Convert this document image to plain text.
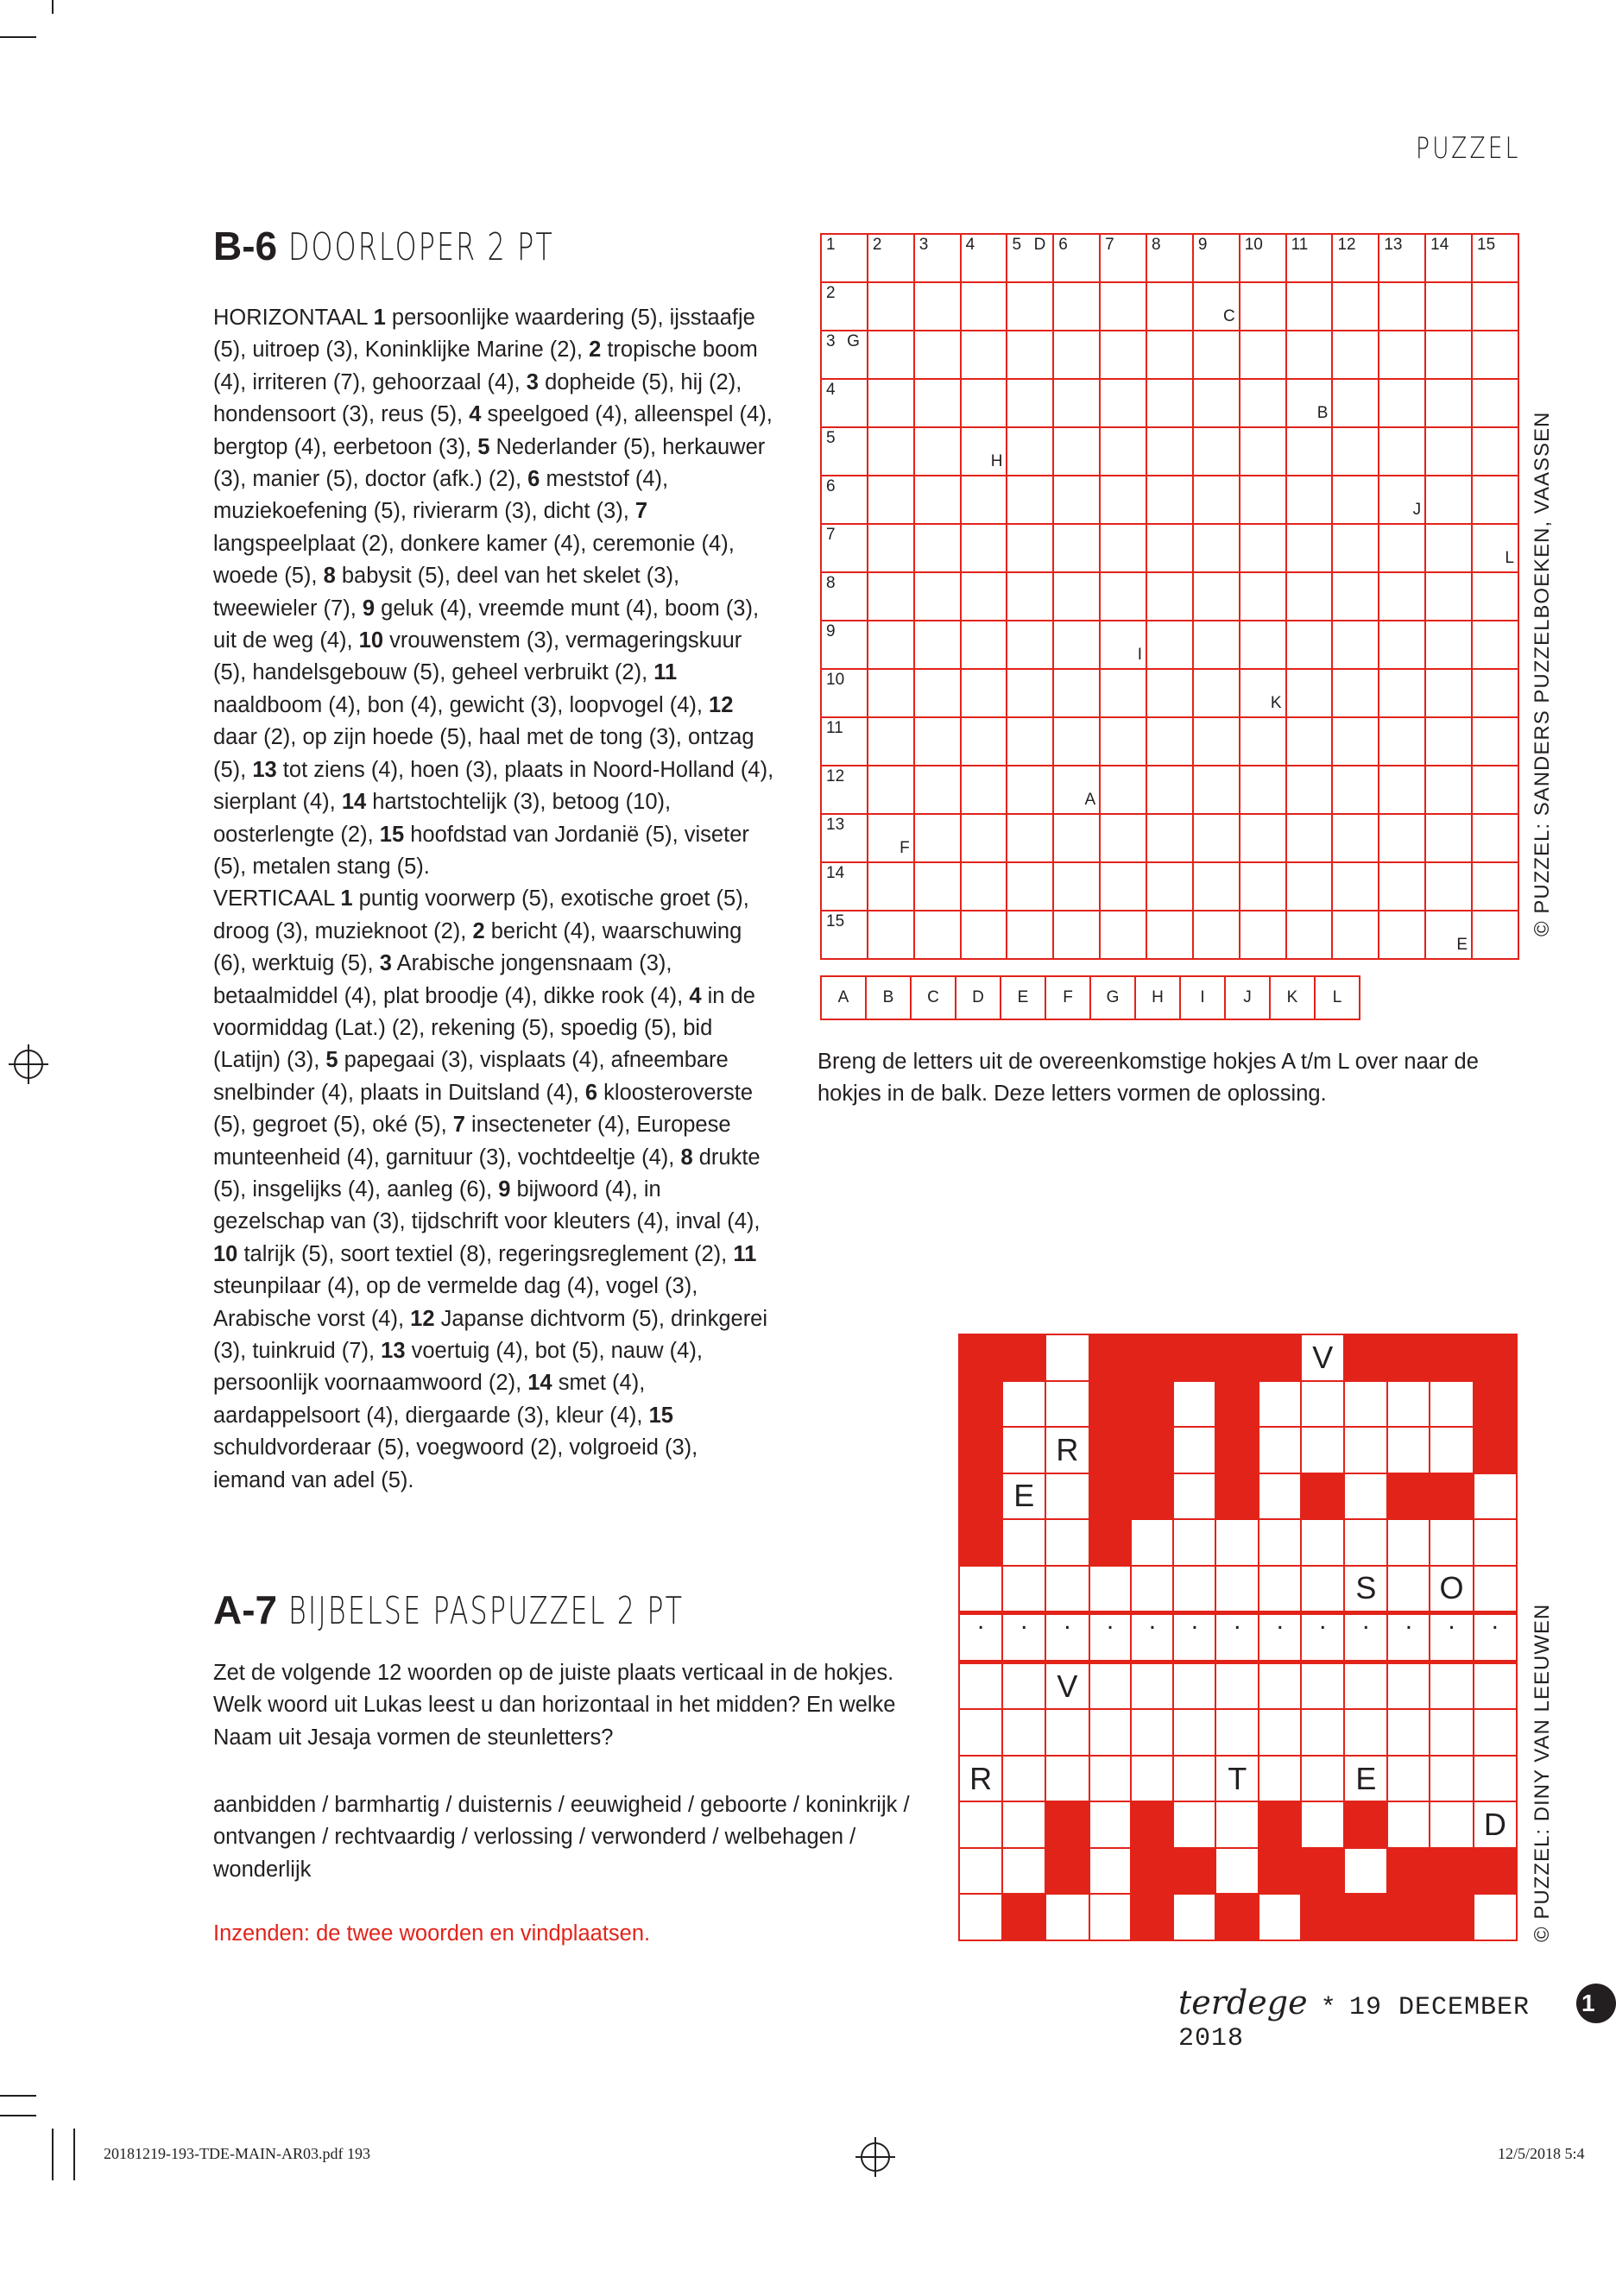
PUZZEL
B-6 DOORLOPER 2 PT
HORIZONTAAL 1 persoonlijke waardering (5), ijsstaafje (5), uitroep (3), Koninklijke Marine (2), 2 tropische boom (4), irriteren (7), gehoorzaal (4), 3 dopheide (5), hij (2), hondensoort (3), reus (5), 4 speelgoed (4), alleenspel (4), bergtop (4), eerbetoon (3), 5 Nederlander (5), herkauwer (3), manier (5), doctor (afk.) (2), 6 meststof (4), muziekoefening (5), rivierarm (3), dicht (3), 7 langspeelplaat (2), donkere kamer (4), ceremonie (4), woede (5), 8 babysit (5), deel van het skelet (3), tweewieler (7), 9 geluk (4), vreemde munt (4), boom (3), uit de weg (4), 10 vrouwenstem (3), vermageringskuur (5), handelsgebouw (5), geheel verbruikt (2), 11 naaldboom (4), bon (4), gewicht (3), loopvogel (4), 12 daar (2), op zijn hoede (5), haal met de tong (3), ontzag (5), 13 tot ziens (4), hoen (3), plaats in Noord-Holland (4), sierplant (4), 14 hartstochtelijk (3), betoog (10), oosterlengte (2), 15 hoofdstad van Jordanië (5), viseter (5), metalen stang (5).
VERTICAAL 1 puntig voorwerp (5), exotische groet (5), droog (3), muzieknoot (2), 2 bericht (4), waarschuwing (6), werktuig (5), 3 Arabische jongensnaam (3), betaalmiddel (4), plat broodje (4), dikke rook (4), 4 in de voormiddag (Lat.) (2), rekening (5), spoedig (5), bid (Latijn) (3), 5 papegaai (3), visplaats (4), afneembare snelbinder (4), plaats in Duitsland (4), 6 kloosteroverste (5), gegroet (5), oké (5), 7 insecteneter (4), Europese munteenheid (4), garnituur (3), vochtdeeltje (4), 8 drukte (5), insgelijks (4), aanleg (6), 9 bijwoord (4), in gezelschap van (3), tijdschrift voor kleuters (4), inval (4), 10 talrijk (5), soort textiel (8), regeringsreglement (2), 11 steunpilaar (4), op de vermelde dag (4), vogel (3), Arabische vorst (4), 12 Japanse dichtvorm (5), drinkgerei (3), tuinkruid (7), 13 voertuig (4), bot (5), nauw (4), persoonlijk voornaamwoord (2), 14 smet (4), aardappelsoort (4), diergaarde (3), kleur (4), 15 schuldvorderaar (5), voegwoord (2), volgroeid (3), iemand van adel (5).
1	2	3	4	5 D	6	7	8	9	10	11	12	13	14	15

2								C						

3 G														

4										B				

5			H											

6												J		

7														L

8														

9						I								

10									K					

11														

12					A									

13	F													

14														

15													E	

A	B	C	D	E	F	G	H	I	J	K	L
Breng de letters uit de overeenkomstige hokjes A t/m L over naar de hokjes in de balk. Deze letters vormen de oplossing.
© PUZZEL: SANDERS PUZZELBOEKEN, VAASSEN
A-7 BIJBELSE PASPUZZEL 2 PT
Zet de volgende 12 woorden op de juiste plaats verticaal in de hokjes. Welk woord uit Lukas leest u dan horizontaal in het midden? En welke Naam uit Jesaja vormen de steunletters?
aanbidden / barmhartig / duisternis / eeuwigheid / geboorte / koninkrijk / ontvangen / rechtvaardig / verlossing / verwonderd / welbehagen / wonderlijk
Inzenden: de twee woorden en vindplaatsen.
								V				

		R										
	E											

									S		O	
.	.	.	.	.	.	.	.	.	.	.	.	.
		V										

R						T			E			
												D

												© PUZZEL: DINY VAN LEEUWEN
terdege * 19 DECEMBER 2018
1
20181219-193-TDE-MAIN-AR03.pdf 193	12/5/2018 5:4
